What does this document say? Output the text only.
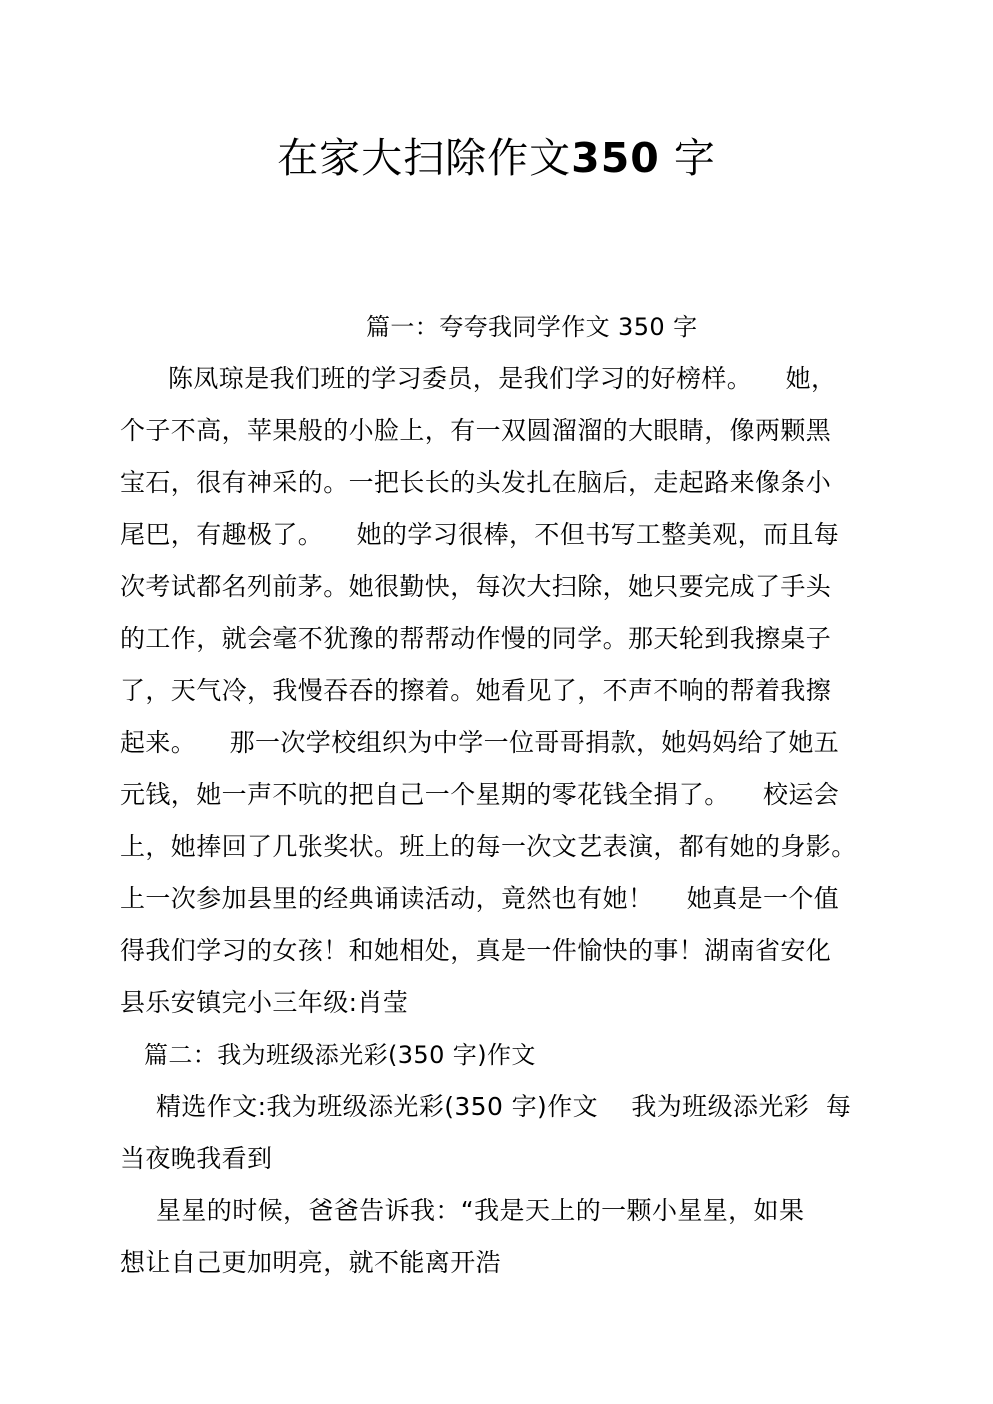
在家大扫除作文350 字
篇一：夸夸我同学作文 350 字
陈凤琼是我们班的学习委员，是我们学习的好榜样。    她，
个子不高，苹果般的小脸上，有一双圆溜溜的大眼睛，像两颗黑
宝石，很有神采的。一把长长的头发扎在脑后，走起路来像条小
尾巴，有趣极了。    她的学习很棒，不但书写工整美观，而且每
次考试都名列前茅。她很勤快，每次大扫除，她只要完成了手头
的工作，就会毫不犹豫的帮帮动作慢的同学。那天轮到我擦桌子
了，天气冷，我慢吞吞的擦着。她看见了，不声不响的帮着我擦
起来。    那一次学校组织为中学一位哥哥捐款，她妈妈给了她五
元钱，她一声不吭的把自己一个星期的零花钱全捐了。    校运会
上，她捧回了几张奖状。班上的每一次文艺表演，都有她的身影。
上一次参加县里的经典诵读活动，竟然也有她！    她真是一个值
得我们学习的女孩！和她相处，真是一件愉快的事！湖南省安化
县乐安镇完小三年级:肖莹
篇二：我为班级添光彩(350 字)作文
精选作文:我为班级添光彩(350 字)作文    我为班级添光彩  每
当夜晚我看到
星星的时候，爸爸告诉我：“我是天上的一颗小星星，如果
想让自己更加明亮，就不能离开浩
